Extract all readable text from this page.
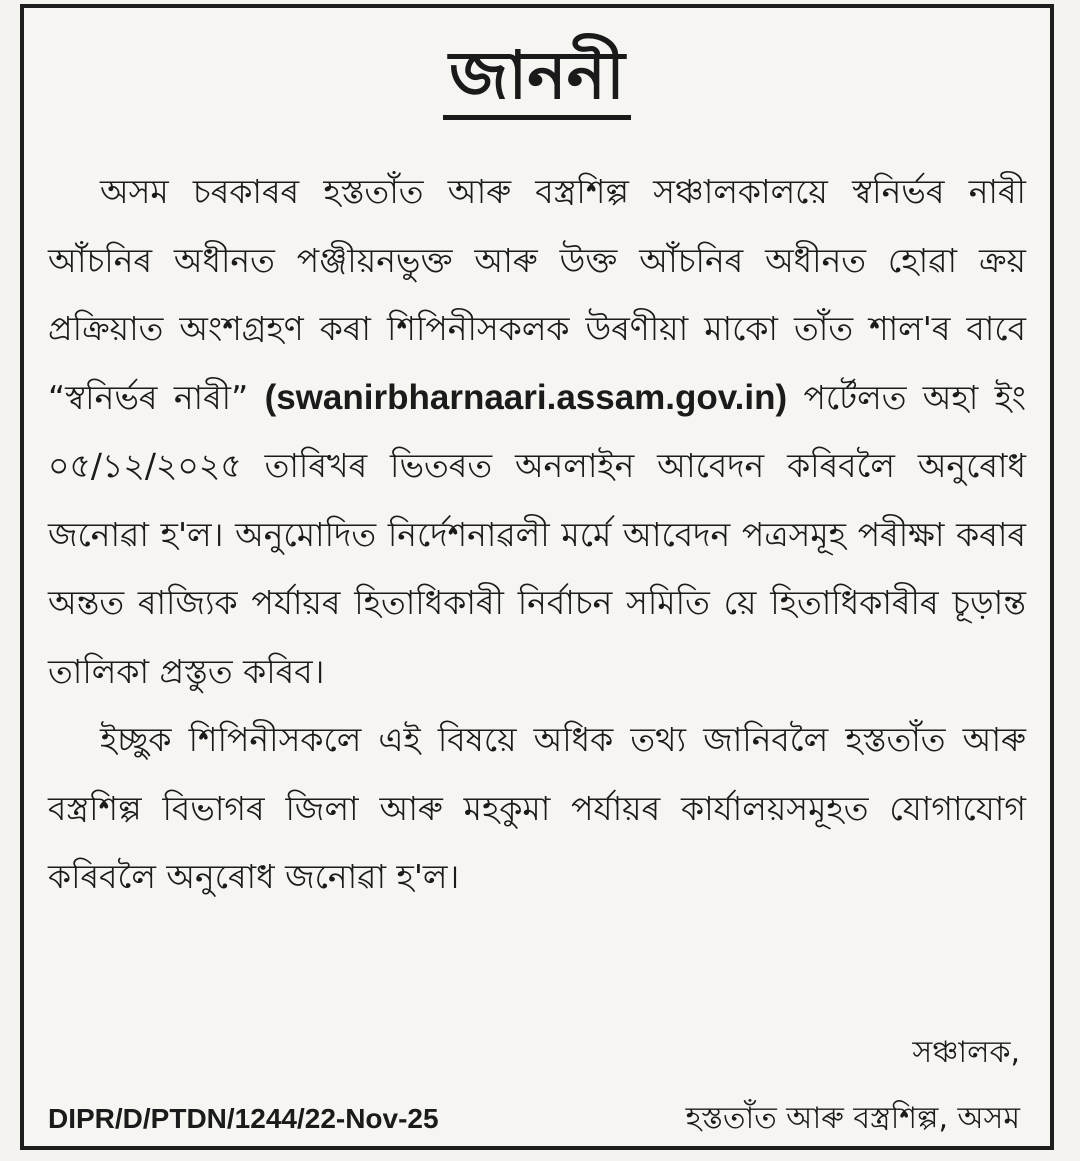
জাননী

অসম চৰকাৰৰ হস্ততাঁত আৰু বস্ত্ৰশিল্প সঞ্চালকালয়ে স্বনিৰ্ভৰ নাৰী আঁচনিৰ অধীনত পঞ্জীয়নভুক্ত আৰু উক্ত আঁচনিৰ অধীনত হোৱা ক্ৰয় প্ৰক্ৰিয়াত অংশগ্ৰহণ কৰা শিপিনীসকলক উৰণীয়া মাকো তাঁত শাল'ৰ বাবে “স্বনিৰ্ভৰ নাৰী” (swanirbharnaari.assam.gov.in) পৰ্টেলত অহা ইং ০৫/১২/২০২৫ তাৰিখৰ ভিতৰত অনলাইন আবেদন কৰিবলৈ অনুৰোধ জনোৱা হ'ল। অনুমোদিত নিৰ্দেশনাৱলী মৰ্মে আবেদন পত্ৰসমূহ পৰীক্ষা কৰাৰ অন্তত ৰাজ্যিক পৰ্যায়ৰ হিতাধিকাৰী নিৰ্বাচন সমিতি য়ে হিতাধিকাৰীৰ চূড়ান্ত তালিকা প্ৰস্তুত কৰিব।

ইচ্ছুক শিপিনীসকলে এই বিষয়ে অধিক তথ্য জানিবলৈ হস্ততাঁত আৰু বস্ত্ৰশিল্প বিভাগৰ জিলা আৰু মহকুমা পৰ্যায়ৰ কাৰ্যালয়সমূহত যোগাযোগ কৰিবলৈ অনুৰোধ জনোৱা হ'ল।

সঞ্চালক,
DIPR/D/PTDN/1244/22-Nov-25	হস্ততাঁত আৰু বস্ত্ৰশিল্প, অসম
